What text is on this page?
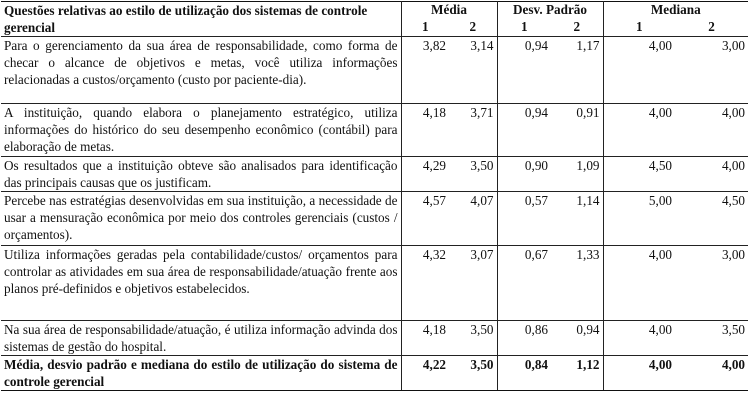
Questões relativas ao estilo de utilização dos sistemas de controle gerencial	Média		Desv. Padrão		Mediana	
	1	2	1	2	1	2
Para o gerenciamento da sua área de responsabilidade, como forma de checar o alcance de objetivos e metas, você utiliza informações relacionadas a custos/orçamento (custo por paciente-dia).	3,82	3,14	0,94	1,17	4,00	3,00
A instituição, quando elabora o planejamento estratégico, utiliza informações do histórico do seu desempenho econômico (contábil) para elaboração de metas.	4,18	3,71	0,94	0,91	4,00	4,00
Os resultados que a instituição obteve são analisados para identificação das principais causas que os justificam.	4,29	3,50	0,90	1,09	4,50	4,00
Percebe nas estratégias desenvolvidas em sua instituição, a necessidade de usar a mensuração econômica por meio dos controles gerenciais (custos / orçamentos).	4,57	4,07	0,57	1,14	5,00	4,50
Utiliza informações geradas pela contabilidade/custos/ orçamentos para controlar as atividades em sua área de responsabilidade/atuação frente aos planos pré-definidos e objetivos estabelecidos.	4,32	3,07	0,67	1,33	4,00	3,00
Na sua área de responsabilidade/atuação, é utiliza informação advinda dos sistemas de gestão do hospital.	4,18	3,50	0,86	0,94	4,00	3,50
Média, desvio padrão e mediana do estilo de utilização do sistema de controle gerencial	4,22	3,50	0,84	1,12	4,00	4,00
